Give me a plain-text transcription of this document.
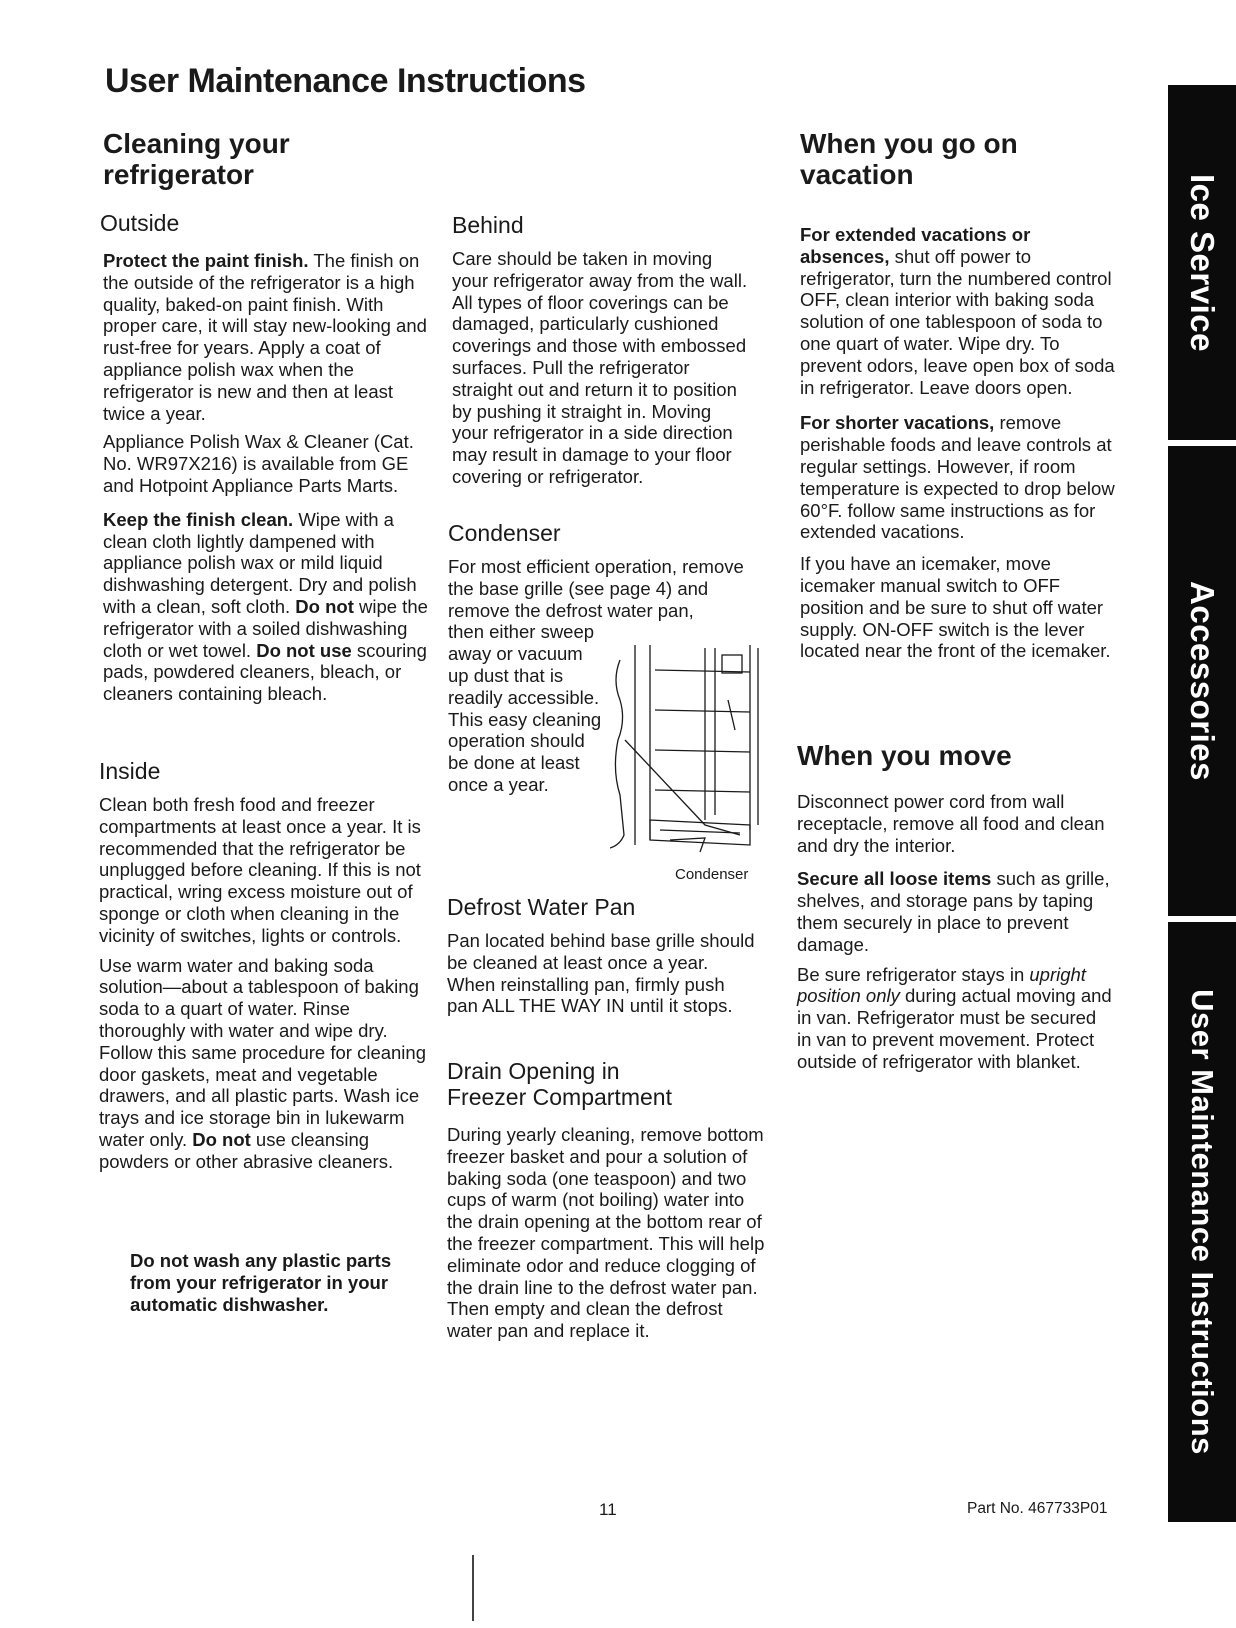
User Maintenance Instructions
Cleaning your
refrigerator
Outside

Protect the paint finish. The finish on the outside of the refrigerator is a high quality, baked-on paint finish. With proper care, it will stay new-looking and rust-free for years. Apply a coat of appliance polish wax when the refrigerator is new and then at least twice a year.

Appliance Polish Wax & Cleaner (Cat. No. WR97X216) is available from GE and Hotpoint Appliance Parts Marts.

Keep the finish clean. Wipe with a clean cloth lightly dampened with appliance polish wax or mild liquid dishwashing detergent. Dry and polish with a clean, soft cloth. Do not wipe the refrigerator with a soiled dishwashing cloth or wet towel. Do not use scouring pads, powdered cleaners, bleach, or cleaners containing bleach.

Inside

Clean both fresh food and freezer compartments at least once a year. It is recommended that the refrigerator be unplugged before cleaning. If this is not practical, wring excess moisture out of sponge or cloth when cleaning in the vicinity of switches, lights or controls.

Use warm water and baking soda solution—about a tablespoon of baking soda to a quart of water. Rinse thoroughly with water and wipe dry. Follow this same procedure for cleaning door gaskets, meat and vegetable drawers, and all plastic parts. Wash ice trays and ice storage bin in lukewarm water only. Do not use cleansing powders or other abrasive cleaners.

Do not wash any plastic parts from your refrigerator in your automatic dishwasher.

Behind

Care should be taken in moving your refrigerator away from the wall. All types of floor coverings can be damaged, particularly cushioned coverings and those with embossed surfaces. Pull the refrigerator straight out and return it to position by pushing it straight in. Moving your refrigerator in a side direction may result in damage to your floor covering or refrigerator.

Condenser

For most efficient operation, remove the base grille (see page 4) and remove the defrost water pan,

then either sweep

away or vacuum

up dust that is

readily accessible.

This easy cleaning

operation should

be done at least

once a year.

Condenser
Defrost Water Pan

Pan located behind base grille should be cleaned at least once a year. When reinstalling pan, firmly push pan ALL THE WAY IN until it stops.

Drain Opening in
Freezer Compartment

During yearly cleaning, remove bottom freezer basket and pour a solution of baking soda (one teaspoon) and two cups of warm (not boiling) water into the drain opening at the bottom rear of the freezer compartment. This will help eliminate odor and reduce clogging of the drain line to the defrost water pan. Then empty and clean the defrost water pan and replace it.

When you go on
vacation

For extended vacations or absences, shut off power to refrigerator, turn the numbered control OFF, clean interior with baking soda solution of one tablespoon of soda to one quart of water. Wipe dry. To prevent odors, leave open box of soda in refrigerator. Leave doors open.

For shorter vacations, remove perishable foods and leave controls at regular settings. However, if room temperature is expected to drop below 60°F. follow same instructions as for extended vacations.

If you have an icemaker, move icemaker manual switch to OFF position and be sure to shut off water supply. ON-OFF switch is the lever located near the front of the icemaker.

When you move

Disconnect power cord from wall receptacle, remove all food and clean and dry the interior.

Secure all loose items such as grille, shelves, and storage pans by taping them securely in place to prevent damage.

Be sure refrigerator stays in upright position only during actual moving and in van. Refrigerator must be secured in van to prevent movement. Protect outside of refrigerator with blanket.

Ice Service
Accessories
User Maintenance Instructions
11	Part No. 467733P01
